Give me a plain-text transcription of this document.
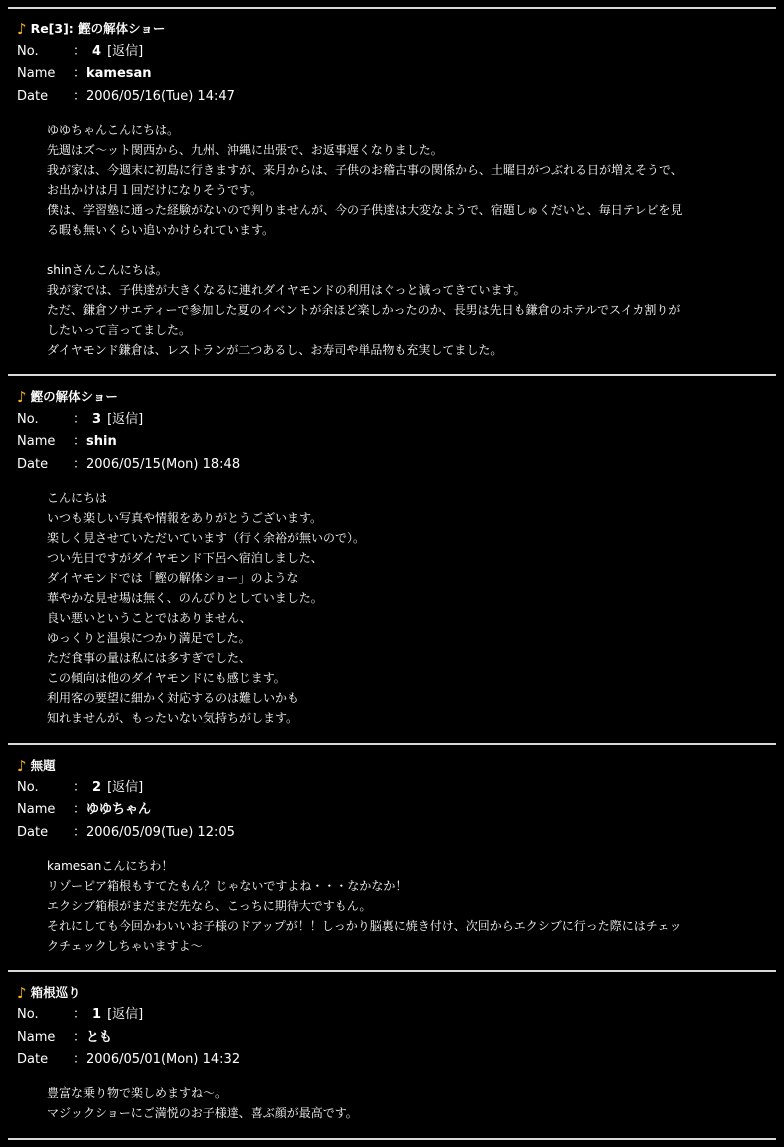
♪ Re[3]: 鰹の解体ショー
No.	： 4 [返信]
Name ：kamesan
Date ：2006/05/16(Tue) 14:47
ゆゆちゃんこんにちは。
先週はズ〜ット関西から、九州、沖縄に出張で、お返事遅くなりました。
我が家は、今週末に初島に行きますが、来月からは、子供のお稽古事の関係から、土曜日がつぶれる日が増えそうで、
お出かけは月１回だけになりそうです。
僕は、学習塾に通った経験がないので判りませんが、今の子供達は大変なようで、宿題しゅくだいと、毎日テレビを見
る暇も無いくらい追いかけられています。
shinさんこんにちは。
我が家では、子供達が大きくなるに連れダイヤモンドの利用はぐっと減ってきています。
ただ、鎌倉ソサエティーで参加した夏のイベントが余ほど楽しかったのか、長男は先日も鎌倉のホテルでスイカ割りが
したいって言ってました。
ダイヤモンド鎌倉は、レストランが二つあるし、お寿司や単品物も充実してました。
♪ 鰹の解体ショー
No.	： 3 [返信]
Name ：shin
Date ：2006/05/15(Mon) 18:48
こんにちは
いつも楽しい写真や情報をありがとうございます。
楽しく見させていただいています（行く余裕が無いので）。
つい先日ですがダイヤモンド下呂へ宿泊しました、
ダイヤモンドでは「鰹の解体ショー」のような
華やかな見せ場は無く、のんびりとしていました。
良い悪いということではありません、
ゆっくりと温泉につかり満足でした。
ただ食事の量は私には多すぎでした、
この傾向は他のダイヤモンドにも感じます。
利用客の要望に細かく対応するのは難しいかも
知れませんが、もったいない気持ちがします。
♪ 無題
No.	： 2 [返信]
Name ：ゆゆちゃん
Date ：2006/05/09(Tue) 12:05
kamesanこんにちわ！
リゾーピア箱根もすてたもん？じゃないですよね・・・なかなか！
エクシブ箱根がまだまだ先なら、こっちに期待大ですもん。
それにしても今回かわいいお子様のドアップが！！しっかり脳裏に焼き付け、次回からエクシブに行った際にはチェッ
クチェックしちゃいますよ〜
♪ 箱根巡り
No.	： 1 [返信]
Name ：とも
Date ：2006/05/01(Mon) 14:32
豊富な乗り物で楽しめますね〜。
マジックショーにご満悦のお子様達、喜ぶ顔が最高です。
